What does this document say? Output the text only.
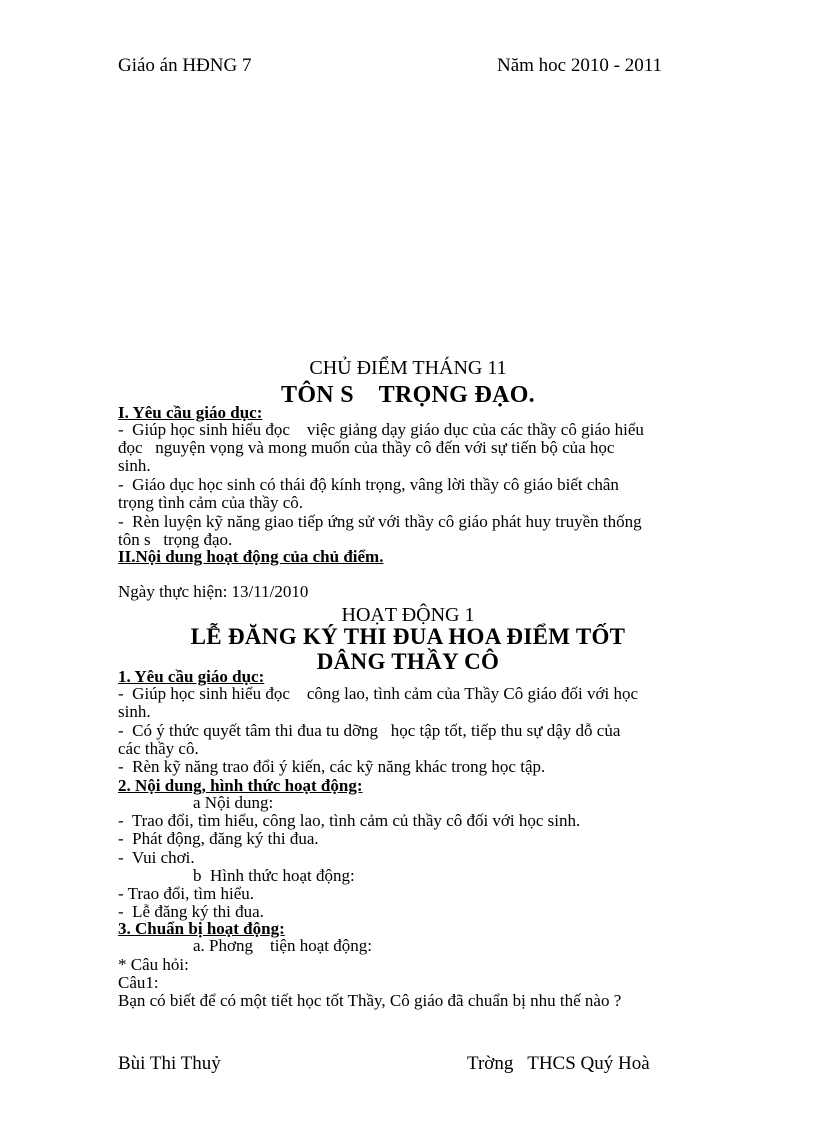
Giáo án HĐNG 7	Năm hoc 2010 - 2011
CHỦ ĐIỂM THÁNG 11
TÔN S    TRỌNG ĐẠO.
I. Yêu cầu giáo dục:
-  Giúp học sinh hiểu đọc    việc giảng dạy giáo dục của các thầy cô giáo hiểu
đọc   nguyện vọng và mong muốn của thầy cô đến với sự tiến bộ của học
sinh.
-  Giáo dục học sinh có thái độ kính trọng, vâng lời thầy cô giáo biết chân
trọng tình cảm của thầy cô.
-  Rèn luyện kỹ năng giao tiếp ứng sử với thầy cô giáo phát huy truyền thống
tôn s   trọng đạo.
II.Nội dung hoạt động của chủ điểm.
Ngày thực hiện: 13/11/2010
HOẠT ĐỘNG 1
LỄ ĐĂNG KÝ THI ĐUA HOA ĐIỂM TỐT
DÂNG THẦY CÔ
1. Yêu cầu giáo dục:
-  Giúp học sinh hiểu đọc    công lao, tình cảm của Thầy Cô giáo đối với học
sinh.
-  Có ý thức quyết tâm thi đua tu dỡng   học tập tốt, tiếp thu sự dậy dỗ của
các thầy cô.
-  Rèn kỹ năng trao đổi ý kiến, các kỹ năng khác trong học tập.
2. Nội dung, hình thức hoạt động:
a Nội dung:
-  Trao đổi, tìm hiểu, công lao, tình cảm củ thầy cô đối với học sinh.
-  Phát động, đăng ký thi đua.
-  Vui chơi.
b  Hình thức hoạt động:
- Trao đổi, tìm hiểu.
-  Lễ đăng ký thi đua.
3. Chuẩn bị hoạt động:
a. Phơng    tiện hoạt động:
* Câu hỏi:
Câu1:
Bạn có biết để có một tiết học tốt Thầy, Cô giáo đã chuẩn bị nhu thế nào ?
Bùi Thi Thuỷ	Trờng   THCS Quý Hoà
